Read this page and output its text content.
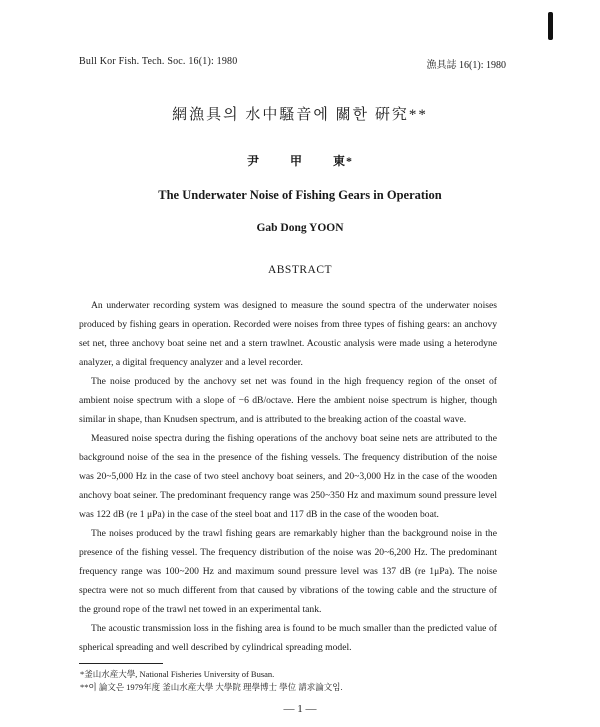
Bull Kor Fish. Tech. Soc. 16(1): 1980	漁具誌 16(1): 1980
網漁具의 水中騷音에 關한 硏究**
尹 甲 東*
The Underwater Noise of Fishing Gears in Operation
Gab Dong YOON
ABSTRACT

An underwater recording system was designed to measure the sound spectra of the underwater noises produced by fishing gears in operation. Recorded were noises from three types of fishing gears: an anchovy set net, three anchovy boat seine net and a stern trawlnet. Acoustic analysis were made using a heterodyne analyzer, a digital frequency analyzer and a level recorder.

The noise produced by the anchovy set net was found in the high frequency region of the onset of ambient noise spectrum with a slope of −6 dB/octave. Here the ambient noise spectrum is higher, though similar in shape, than Knudsen spectrum, and is attributed to the breaking action of the coastal wave.

Measured noise spectra during the fishing operations of the anchovy boat seine nets are attributed to the background noise of the sea in the presence of the fishing vessels. The frequency distribution of the noise was 20~5,000 Hz in the case of two steel anchovy boat seiners, and 20~3,000 Hz in the case of the wooden anchovy boat seiner. The predominant frequency range was 250~350 Hz and maximum sound pressure level was 122 dB (re 1 μPa) in the case of the steel boat and 117 dB in the case of the wooden boat.

The noises produced by the trawl fishing gears are remarkably higher than the background noise in the presence of the fishing vessel. The frequency distribution of the noise was 20~6,200 Hz. The predominant frequency range was 100~200 Hz and maximum sound pressure level was 137 dB (re 1μPa). The noise spectra were not so much different from that caused by vibrations of the towing cable and the structure of the ground rope of the trawl net towed in an experimental tank.

The acoustic transmission loss in the fishing area is found to be much smaller than the predicted value of spherical spreading and well described by cylindrical spreading model.

*釜山水産大學, National Fisheries University of Busan.
**이 論文은 1979年度 釜山水産大學 大學院 理學博士 學位 請求論文임.
— 1 —
